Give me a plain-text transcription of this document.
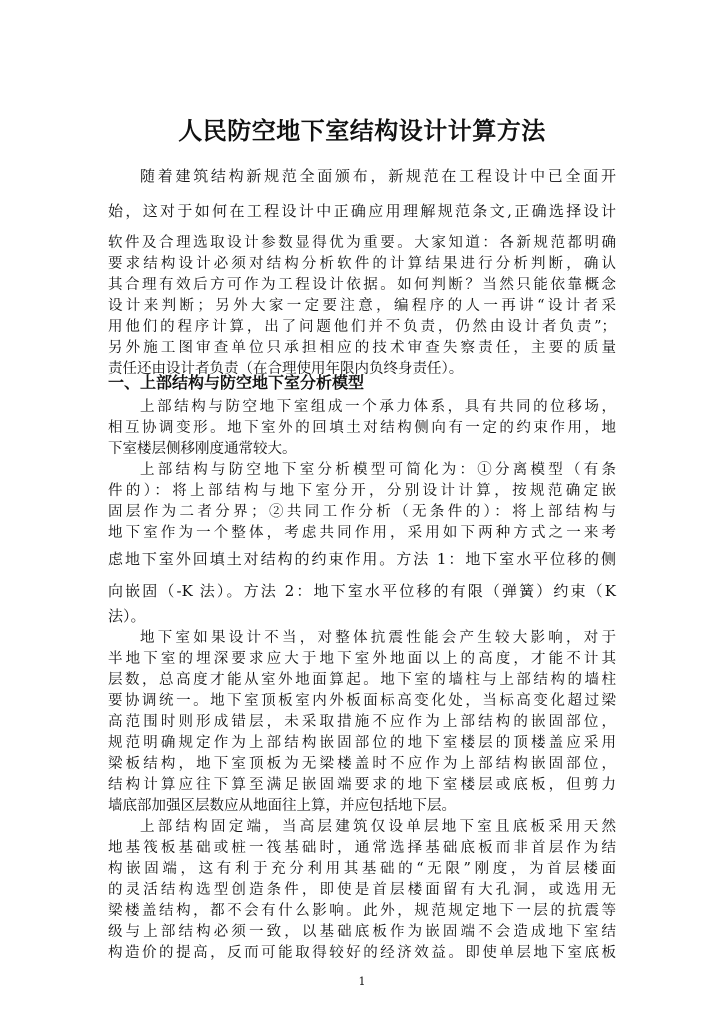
人民防空地下室结构设计计算方法
随着建筑结构新规范全面颁布，新规范在工程设计中已全面开
始，这对于如何在工程设计中正确应用理解规范条文,正确选择设计
软件及合理选取设计参数显得优为重要。大家知道：各新规范都明确
要求结构设计必须对结构分析软件的计算结果进行分析判断，确认
其合理有效后方可作为工程设计依据。如何判断？当然只能依靠概念
设计来判断；另外大家一定要注意，编程序的人一再讲“设计者采
用他们的程序计算，出了问题他们并不负责，仍然由设计者负责”；
另外施工图审查单位只承担相应的技术审查失察责任，主要的质量
责任还由设计者负责（在合理使用年限内负终身责任）。
一、上部结构与防空地下室分析模型
上部结构与防空地下室组成一个承力体系，具有共同的位移场，
相互协调变形。地下室外的回填土对结构侧向有一定的约束作用，地
下室楼层侧移刚度通常较大。
上部结构与防空地下室分析模型可简化为：①分离模型（有条
件的）：将上部结构与地下室分开，分别设计计算，按规范确定嵌
固层作为二者分界；②共同工作分析（无条件的）：将上部结构与
地下室作为一个整体，考虑共同作用，采用如下两种方式之一来考
虑地下室外回填土对结构的约束作用。方法 1：地下室水平位移的侧
向嵌固（-K 法）。方法 2：地下室水平位移的有限（弹簧）约束（K
法）。
地下室如果设计不当，对整体抗震性能会产生较大影响，对于
半地下室的埋深要求应大于地下室外地面以上的高度，才能不计其
层数，总高度才能从室外地面算起。地下室的墙柱与上部结构的墙柱
要协调统一。地下室顶板室内外板面标高变化处，当标高变化超过梁
高范围时则形成错层，未采取措施不应作为上部结构的嵌固部位，
规范明确规定作为上部结构嵌固部位的地下室楼层的顶楼盖应采用
梁板结构，地下室顶板为无梁楼盖时不应作为上部结构嵌固部位，
结构计算应往下算至满足嵌固端要求的地下室楼层或底板，但剪力
墙底部加强区层数应从地面往上算，并应包括地下层。
上部结构固定端，当高层建筑仅设单层地下室且底板采用天然
地基筏板基础或桩一筏基础时，通常选择基础底板而非首层作为结
构嵌固端，这有利于充分利用其基础的“无限”刚度，为首层楼面
的灵活结构选型创造条件，即使是首层楼面留有大孔洞，或选用无
梁楼盖结构，都不会有什么影响。此外，规范规定地下一层的抗震等
级与上部结构必须一致，以基础底板作为嵌固端不会造成地下室结
构造价的提高，反而可能取得较好的经济效益。即使单层地下室底板
1
